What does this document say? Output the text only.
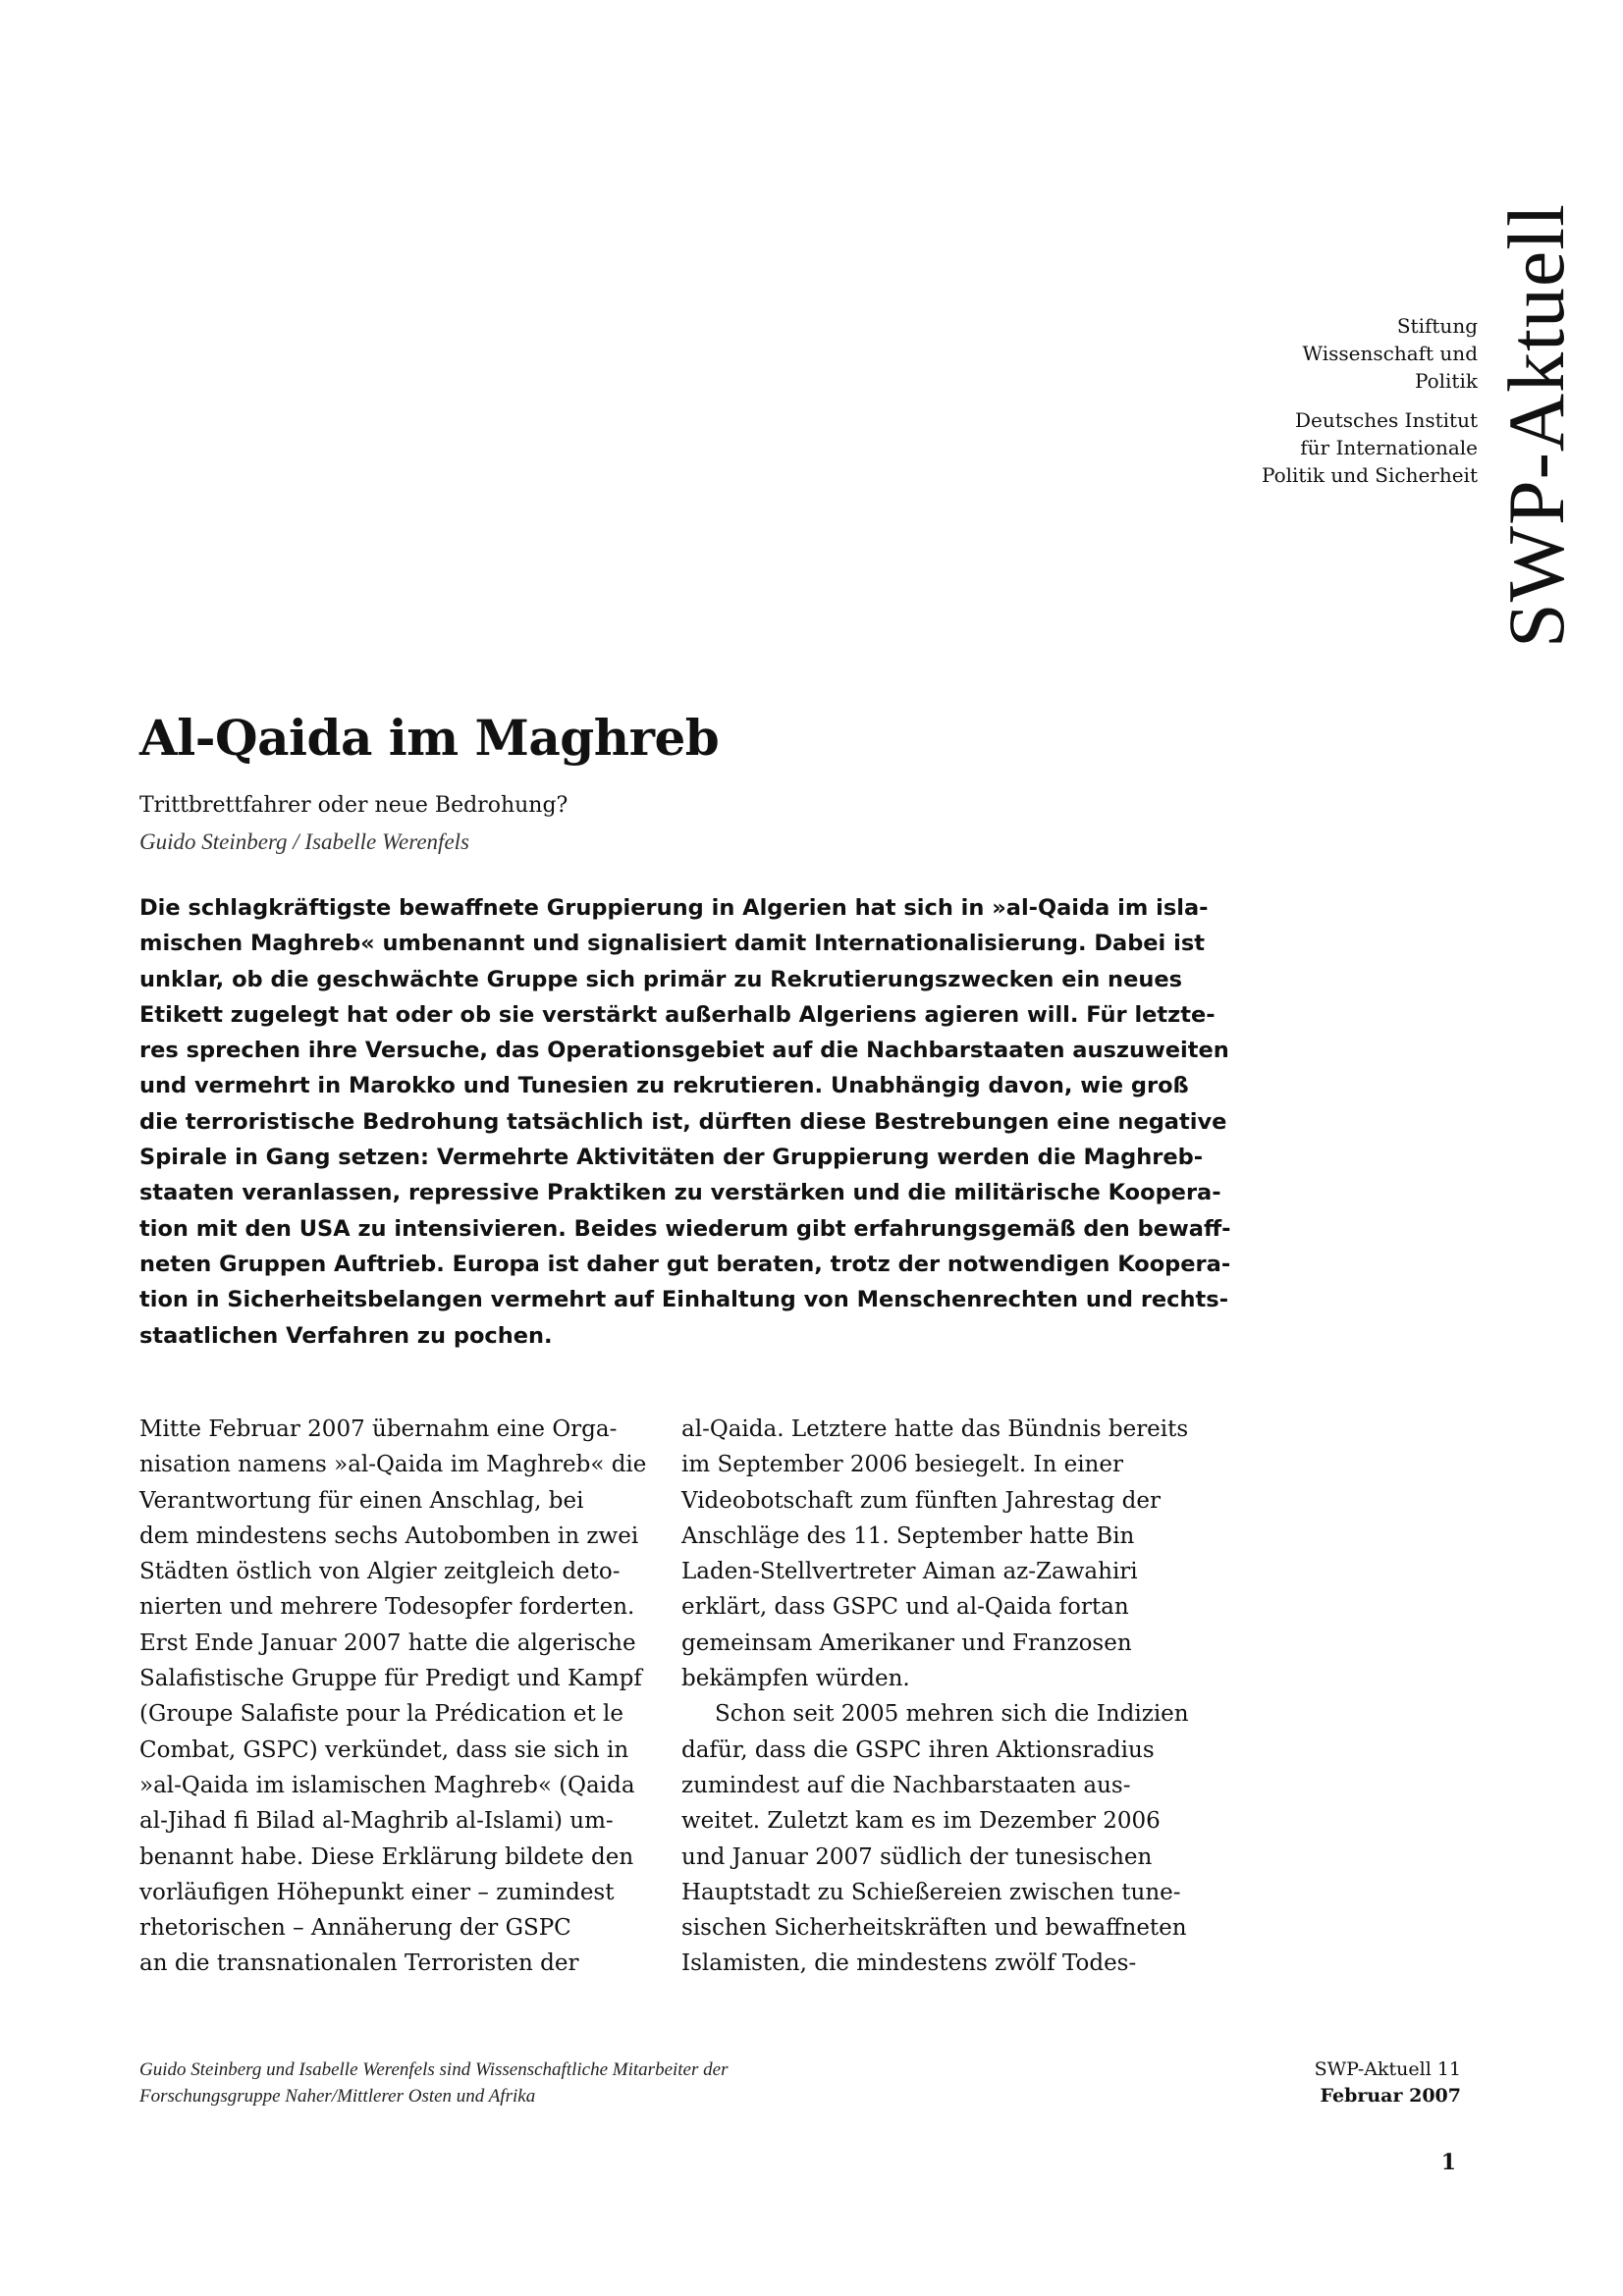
SWP-Aktuell
Stiftung
Wissenschaft und
Politik
Deutsches Institut
für Internationale
Politik und Sicherheit
Al-Qaida im Maghreb
Trittbrettfahrer oder neue Bedrohung?
Guido Steinberg / Isabelle Werenfels
Die schlagkräftigste bewaffnete Gruppierung in Algerien hat sich in »al-Qaida im isla-
mischen Maghreb« umbenannt und signalisiert damit Internationalisierung. Dabei ist
unklar, ob die geschwächte Gruppe sich primär zu Rekrutierungszwecken ein neues
Etikett zugelegt hat oder ob sie verstärkt außerhalb Algeriens agieren will. Für letzte-
res sprechen ihre Versuche, das Operationsgebiet auf die Nachbarstaaten auszuweiten
und vermehrt in Marokko und Tunesien zu rekrutieren. Unabhängig davon, wie groß
die terroristische Bedrohung tatsächlich ist, dürften diese Bestrebungen eine negative
Spirale in Gang setzen: Vermehrte Aktivitäten der Gruppierung werden die Maghreb-
staaten veranlassen, repressive Praktiken zu verstärken und die militärische Koopera-
tion mit den USA zu intensivieren. Beides wiederum gibt erfahrungsgemäß den bewaff-
neten Gruppen Auftrieb. Europa ist daher gut beraten, trotz der notwendigen Koopera-
tion in Sicherheitsbelangen vermehrt auf Einhaltung von Menschenrechten und rechts-
staatlichen Verfahren zu pochen.
Mitte Februar 2007 übernahm eine Orga-
nisation namens »al-Qaida im Maghreb« die
Verantwortung für einen Anschlag, bei
dem mindestens sechs Autobomben in zwei
Städten östlich von Algier zeitgleich deto-
nierten und mehrere Todesopfer forderten.
Erst Ende Januar 2007 hatte die algerische
Salafistische Gruppe für Predigt und Kampf
(Groupe Salafiste pour la Prédication et le
Combat, GSPC) verkündet, dass sie sich in
»al-Qaida im islamischen Maghreb« (Qaida
al-Jihad fi Bilad al-Maghrib al-Islami) um-
benannt habe. Diese Erklärung bildete den
vorläufigen Höhepunkt einer – zumindest
rhetorischen – Annäherung der GSPC
an die transnationalen Terroristen der
al-Qaida. Letztere hatte das Bündnis bereits
im September 2006 besiegelt. In einer
Videobotschaft zum fünften Jahrestag der
Anschläge des 11. September hatte Bin
Laden-Stellvertreter Aiman az-Zawahiri
erklärt, dass GSPC und al-Qaida fortan
gemeinsam Amerikaner und Franzosen
bekämpfen würden.
Schon seit 2005 mehren sich die Indizien
dafür, dass die GSPC ihren Aktionsradius
zumindest auf die Nachbarstaaten aus-
weitet. Zuletzt kam es im Dezember 2006
und Januar 2007 südlich der tunesischen
Hauptstadt zu Schießereien zwischen tune-
sischen Sicherheitskräften und bewaffneten
Islamisten, die mindestens zwölf Todes-
Guido Steinberg und Isabelle Werenfels sind Wissenschaftliche Mitarbeiter der
Forschungsgruppe Naher/Mittlerer Osten und Afrika
SWP-Aktuell 11
Februar 2007
1
